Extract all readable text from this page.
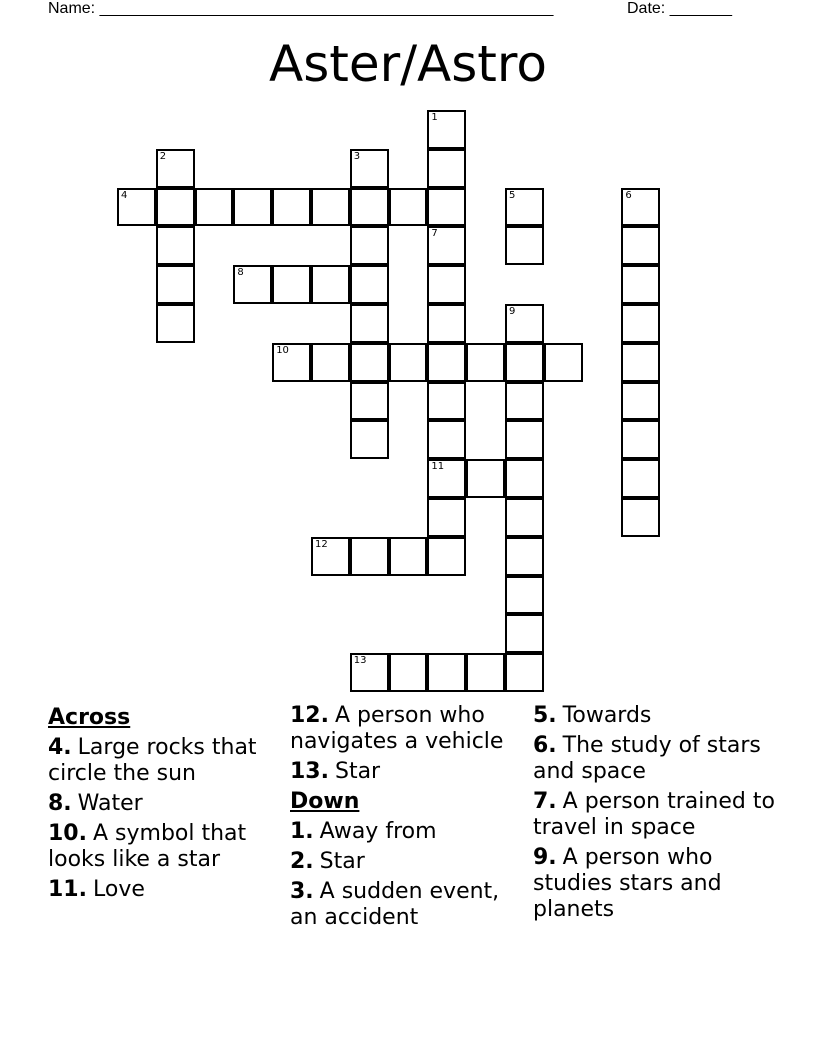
Name: ___________________________________________________	Date: _______
Aster/Astro
1
2	3
4	5	6
7
11
8
9
10
12
13
Across
4. Large rocks that circle the sun
8. Water
10. A symbol that looks like a star
11. Love
12. A person who navigates a vehicle
13. Star
Down
1. Away from
2. Star
3. A sudden event, an accident
5. Towards
6. The study of stars and space
7. A person trained to travel in space
9. A person who studies stars and planets
